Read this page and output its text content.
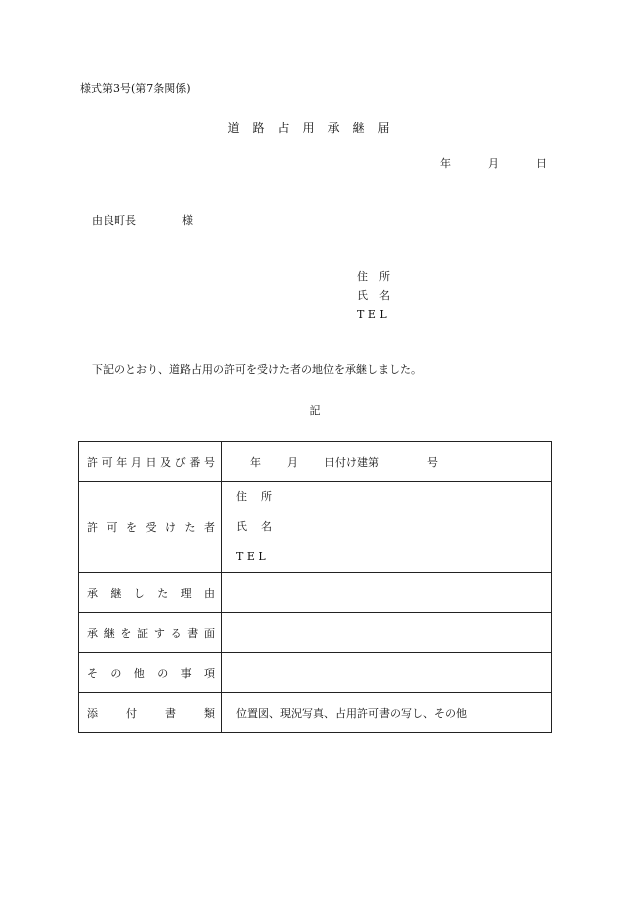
様式第3号(第7条関係)
道路占用承継届
年	月	日
由良町長	様
住　所
氏　名
T E L
下記のとおり、道路占用の許可を受けた者の地位を承継しました。
記
許可年月日及び番号	年 月 日付け建第 号
許可を受けた者	住 所
氏 名
T E L

承継した理由	
承継を証する書面	
その他の事項	
添付書類	位置図、現況写真、占用許可書の写し、その他
